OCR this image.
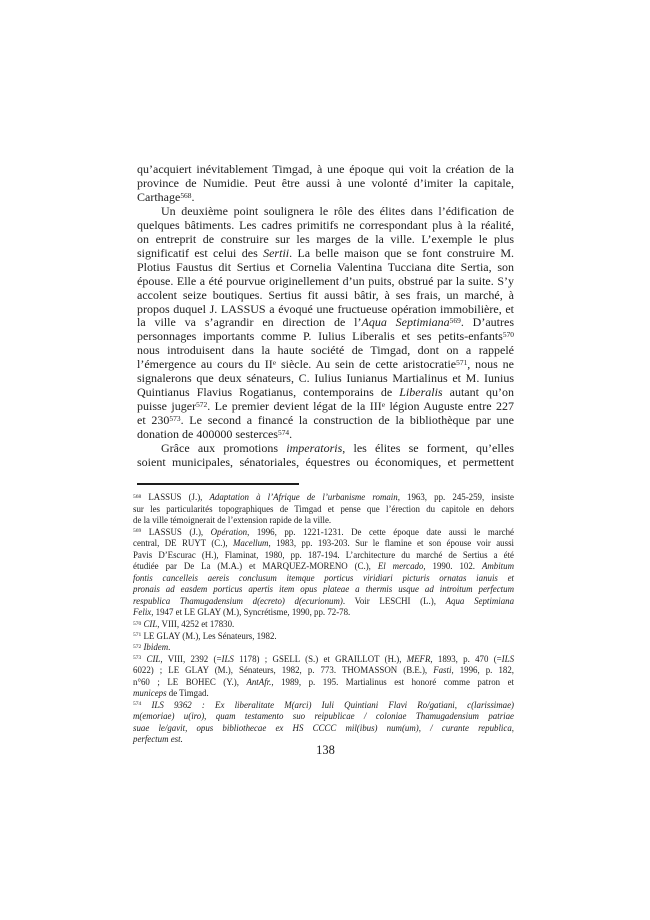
qu’acquiert inévitablement Timgad, à une époque qui voit la création de la
province de Numidie. Peut être aussi à une volonté d’imiter la capitale,
Carthage$^{568}$.
Un deuxième point soulignera le rôle des élites dans l’édification de
quelques bâtiments. Les cadres primitifs ne correspondant plus à la réalité,
on entreprit de construire sur les marges de la ville. L’exemple le plus
significatif est celui des Sertii. La belle maison que se font construire M.
Plotius Faustus dit Sertius et Cornelia Valentina Tucciana dite Sertia, son
épouse. Elle a été pourvue originellement d’un puits, obstrué par la suite. S’y
accolent seize boutiques. Sertius fit aussi bâtir, à ses frais, un marché, à
propos duquel J. LASSUS a évoqué une fructueuse opération immobilière, et
la ville va s’agrandir en direction de l’Aqua Septimiana$^{569}$. D’autres
personnages importants comme P. Iulius Liberalis et ses petits-enfants$^{570}$
nous introduisent dans la haute société de Timgad, dont on a rappelé
l’émergence au cours du IIe siècle. Au sein de cette aristocratie$^{571}$, nous ne
signalerons que deux sénateurs, C. Iulius Iunianus Martialinus et M. Iunius
Quintianus Flavius Rogatianus, contemporains de Liberalis autant qu’on
puisse juger$^{572}$. Le premier devient légat de la IIIe légion Auguste entre 227
et $230^{573}$. Le second a financé la construction de la bibliothèque par une
donation de 400000 sesterces$^{574}$.
Grâce aux promotions imperatoris, les élites se forment, qu’elles
soient municipales, sénatoriales, équestres ou économiques, et permettent
$^{568}$ LASSUS (J.), Adaptation à l’Afrique de l’urbanisme romain, 1963, pp. 245-259, insiste
sur les particularités topographiques de Timgad et pense que l’érection du capitole en dehors
de la ville témoignerait de l’extension rapide de la ville.
$^{569}$ LASSUS (J.), Opération, 1996, pp. 1221-1231. De cette époque date aussi le marché
central, DE RUYT (C.), Macellum, 1983, pp. 193-203. Sur le flamine et son épouse voir aussi
Pavis D’Escurac (H.), Flaminat, 1980, pp. 187-194. L’architecture du marché de Sertius a été
étudiée par De La (M.A.) et MARQUEZ-MORENO (C.), El mercado, 1990. 102. Ambitum
fontis cancelleis aereis conclusum itemque porticus viridiari picturis ornatas ianuis et
pronais ad easdem porticus apertis item opus plateae a thermis usque ad introitum perfectum
respublica Thamugadensium d(ecreto) d(ecurionum). Voir LESCHI (L.), Aqua Septimiana
Felix, 1947 et LE GLAY (M.), Syncrétisme, 1990, pp. 72-78.
$^{570}$ CIL, VIII, 4252 et 17830.
$^{571}$ LE GLAY (M.), Les Sénateurs, 1982.
$^{572}$ Ibidem.
$^{573}$ CIL, VIII, 2392 (=ILS 1178) ; GSELL (S.) et GRAILLOT (H.), MEFR, 1893, p. 470 (=ILS
6022) ; LE GLAY (M.), Sénateurs, 1982, p. 773. THOMASSON (B.E.), Fasti, 1996, p. 182,
n°60 ; LE BOHEC (Y.), AntAfr., 1989, p. 195. Martialinus est honoré comme patron et
municeps de Timgad.
$^{574}$ ILS 9362 : Ex liberalitate M(arci) Iuli Quintiani Flavi Ro/gatiani, c(larissimae)
m(emoriae) u(iro), quam testamento suo reipublicae / coloniae Thamugadensium patriae
suae le/gavit, opus bibliothecae ex HS CCCC mil(ibus) num(um), / curante republica,
perfectum est.
138
